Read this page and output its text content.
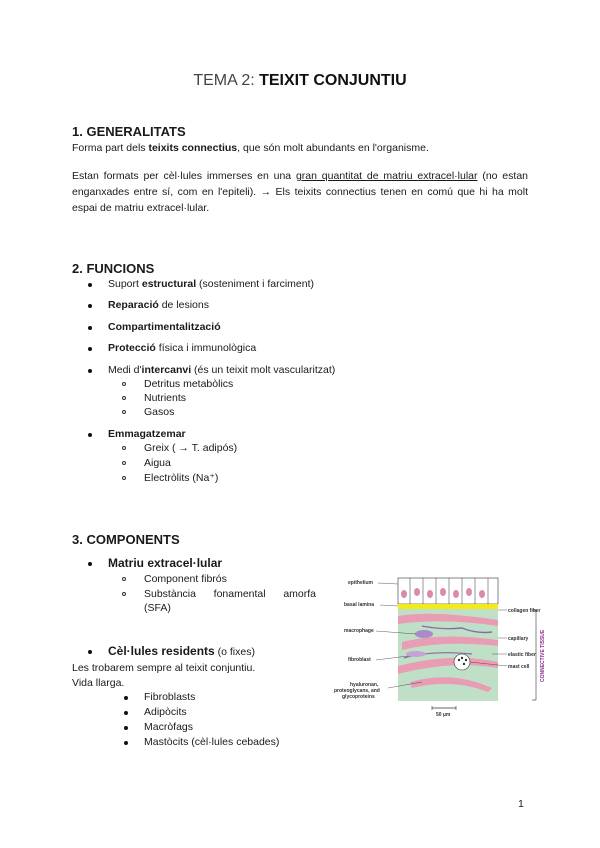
TEMA 2: TEIXIT CONJUNTIU
1. GENERALITATS
Forma part dels teixits connectius, que són molt abundants en l'organisme.
Estan formats per cèl·lules immerses en una gran quantitat de matriu extracel·lular (no estan enganxades entre sí, com en l'epiteli). → Els teixits connectius tenen en comú que hi ha molt espai de matriu extracel·lular.
2. FUNCIONS
Suport estructural (sosteniment i farciment)
Reparació de lesions
Compartimentalització
Protecció física i immunològica
Medi d'intercanvi (és un teixit molt vascularitzat)
Detritus metabòlics
Nutrients
Gasos
Emmagatzemar
Greix ( → T. adipós)
Aigua
Electròlits (Na⁺)
3. COMPONENTS
Matriu extracel·lular
Component fibrós
Substància fonamental amorfa (SFA)
Cèl·lules residents (o fixes)
Les trobarem sempre al teixit conjuntiu.
Vida llarga.
Fibroblasts
Adipòcits
Macròfags
Mastòcits (cèl·lules cebades)
epithelium
basal lamina
macrophage
fibroblast
hyaluronan,
proteoglycans, and
glycoproteins
collagen fiber
capillary
elastic fiber
mast cell CONNECTIVE TISSUE
50 µm
1
